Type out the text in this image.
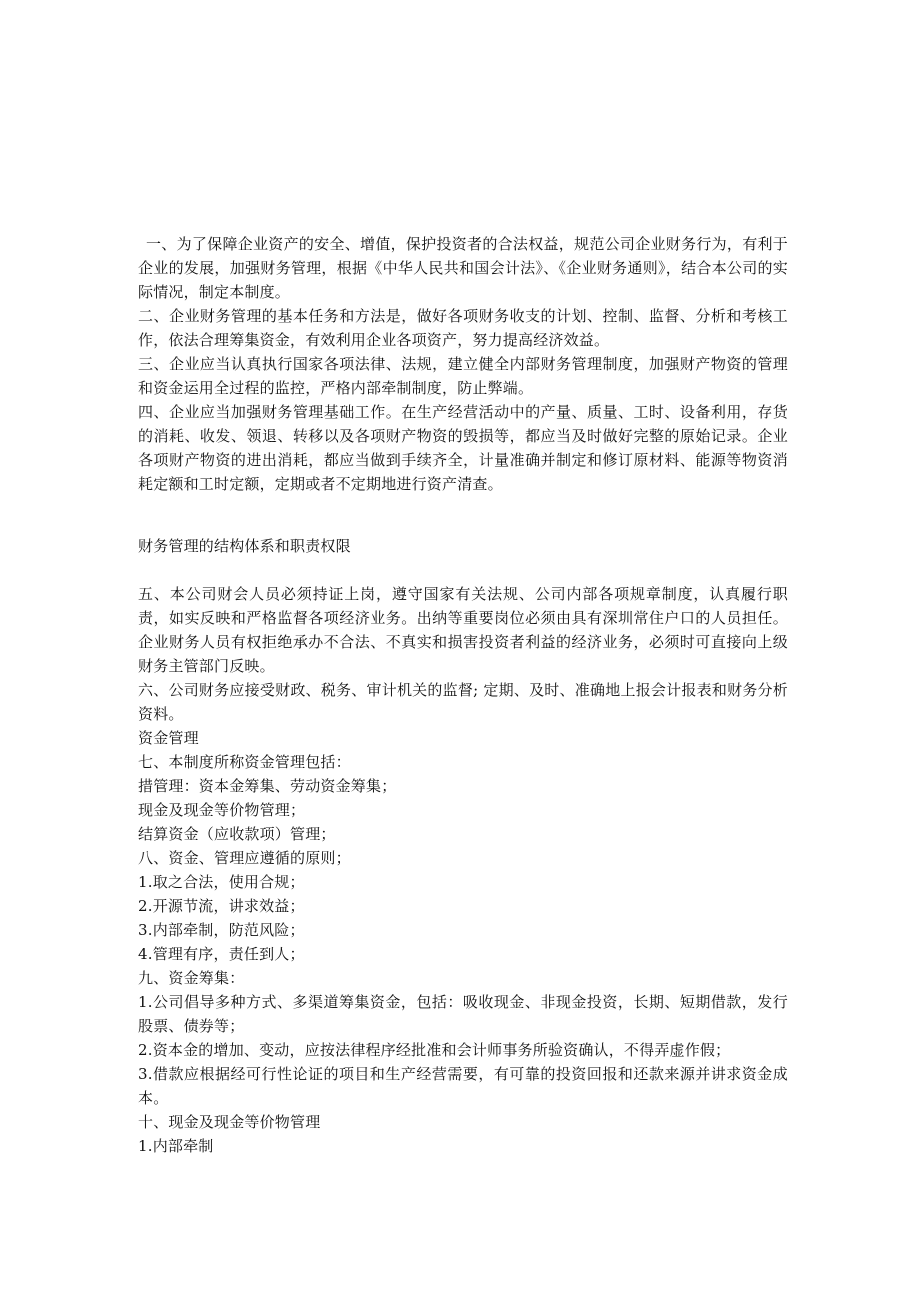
一、为了保障企业资产的安全、增值，保护投资者的合法权益，规范公司企业财务行为，有利于企业的发展，加强财务管理，根据《中华人民共和国会计法》、《企业财务通则》，结合本公司的实际情况，制定本制度。

二、企业财务管理的基本任务和方法是，做好各项财务收支的计划、控制、监督、分析和考核工作，依法合理筹集资金，有效利用企业各项资产，努力提高经济效益。

三、企业应当认真执行国家各项法律、法规，建立健全内部财务管理制度，加强财产物资的管理和资金运用全过程的监控，严格内部牵制制度，防止弊端。

四、企业应当加强财务管理基础工作。在生产经营活动中的产量、质量、工时、设备利用，存货的消耗、收发、领退、转移以及各项财产物资的毁损等，都应当及时做好完整的原始记录。企业各项财产物资的进出消耗，都应当做到手续齐全，计量准确并制定和修订原材料、能源等物资消耗定额和工时定额，定期或者不定期地进行资产清查。

财务管理的结构体系和职责权限

五、本公司财会人员必须持证上岗，遵守国家有关法规、公司内部各项规章制度，认真履行职责，如实反映和严格监督各项经济业务。出纳等重要岗位必须由具有深圳常住户口的人员担任。企业财务人员有权拒绝承办不合法、不真实和损害投资者利益的经济业务，必须时可直接向上级财务主管部门反映。

六、公司财务应接受财政、税务、审计机关的监督; 定期、及时、准确地上报会计报表和财务分析资料。

资金管理

七、本制度所称资金管理包括：

措管理：资本金筹集、劳动资金筹集；

现金及现金等价物管理；

结算资金（应收款项）管理；

八、资金、管理应遵循的原则；

1.取之合法，使用合规；

2.开源节流，讲求效益；

3.内部牵制，防范风险；

4.管理有序，责任到人；

九、资金筹集：

1.公司倡导多种方式、多渠道筹集资金，包括：吸收现金、非现金投资，长期、短期借款，发行股票、债券等；

2.资本金的增加、变动，应按法律程序经批准和会计师事务所验资确认，不得弄虚作假；

3.借款应根据经可行性论证的项目和生产经营需要，有可靠的投资回报和还款来源并讲求资金成本。

十、现金及现金等价物管理

1.内部牵制
